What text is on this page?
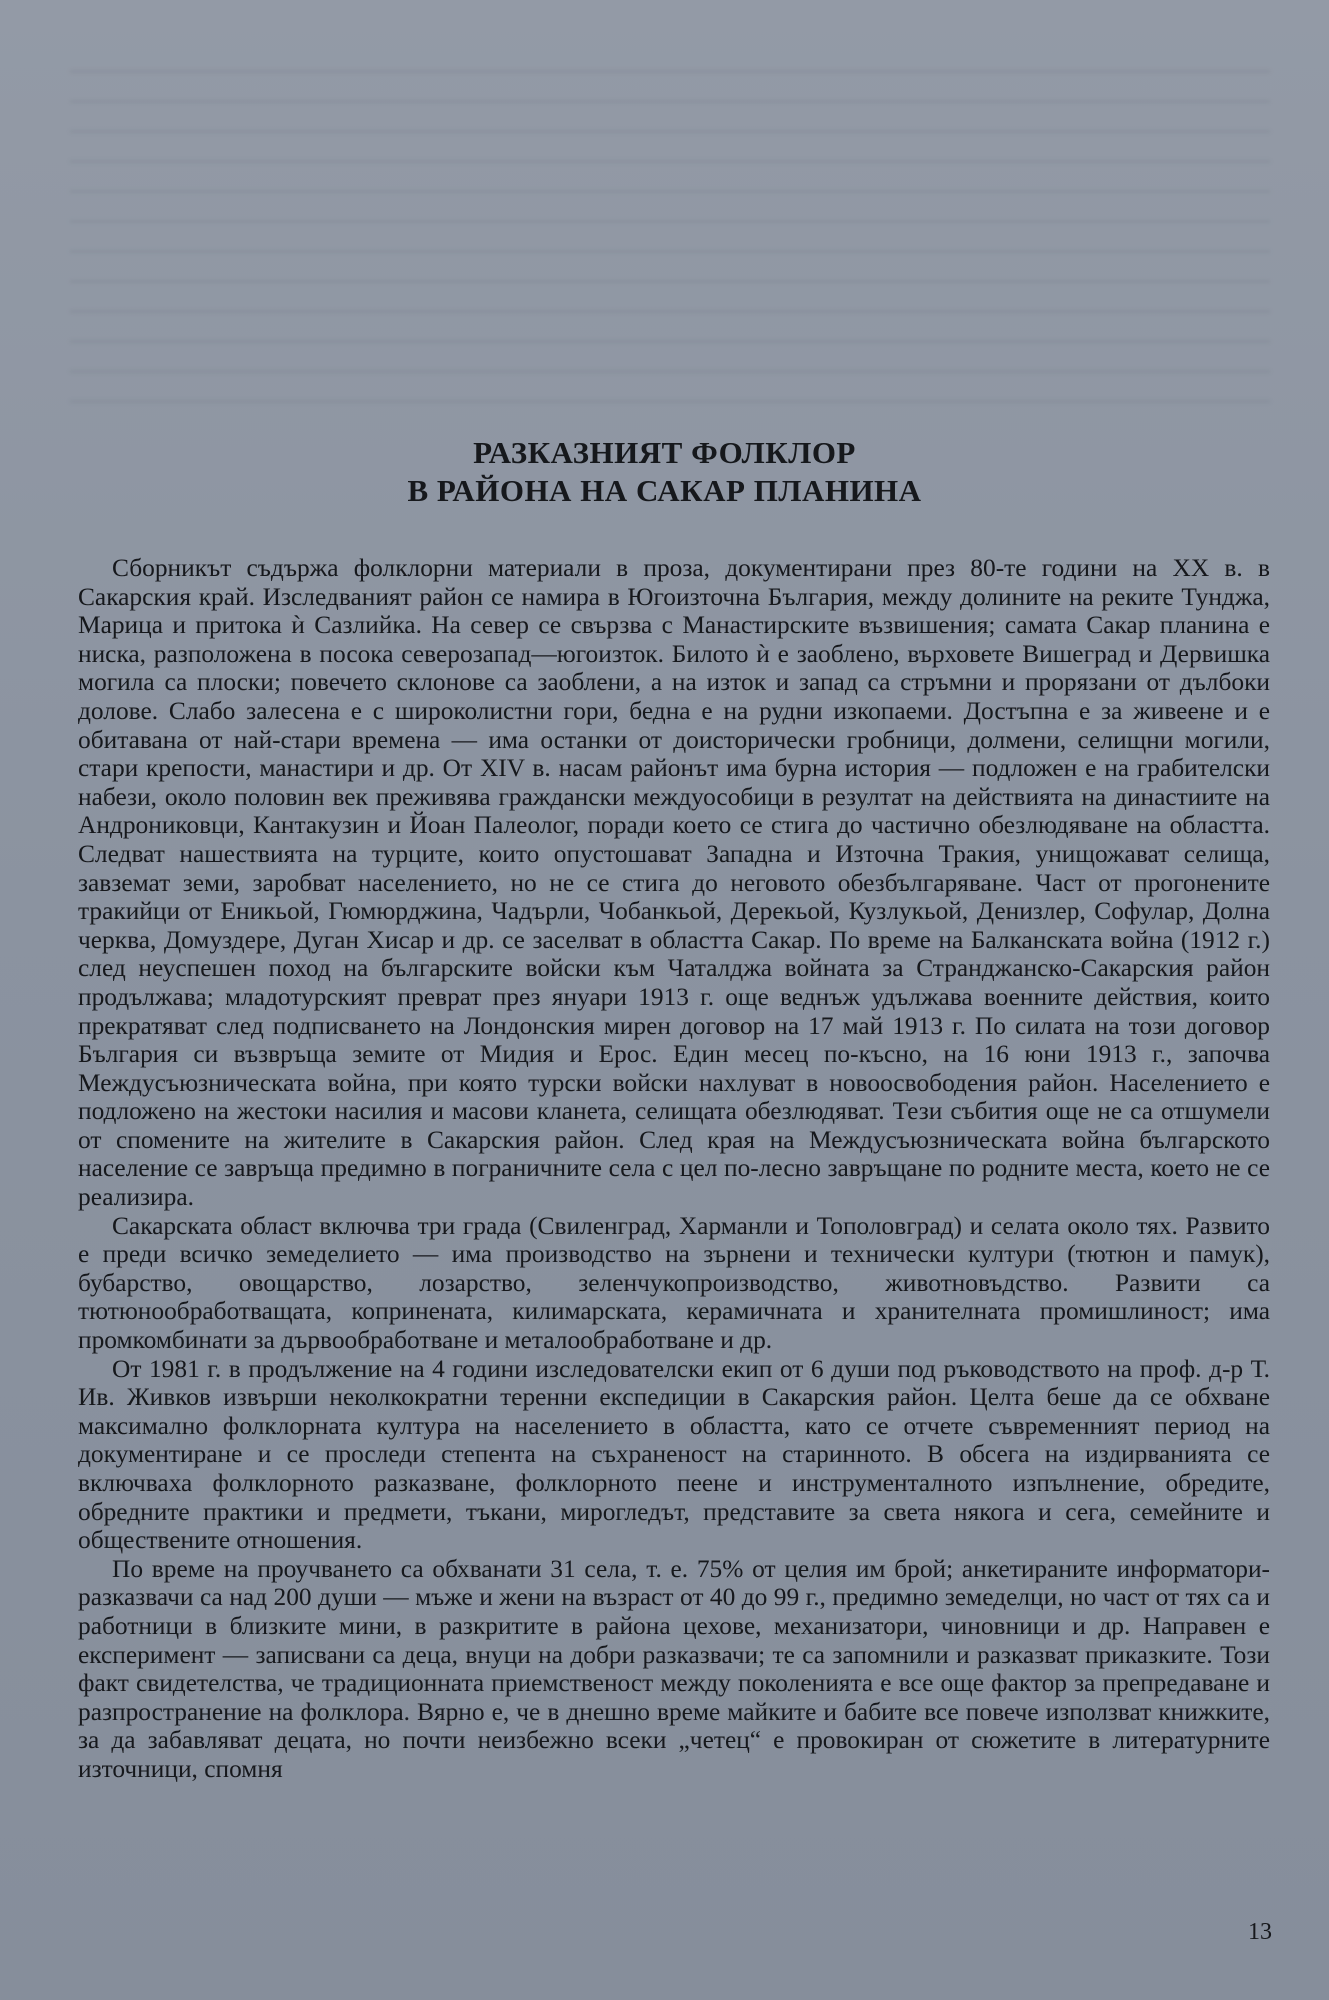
РАЗКАЗНИЯТ ФОЛКЛОР
В РАЙОНА НА САКАР ПЛАНИНА

Сборникът съдържа фолклорни материали в проза, документирани през 80-те години на XX в. в Сакарския край. Изследваният район се намира в Югоизточна България, между долините на реките Тунджа, Марица и притока ѝ Сазлийка. На север се свързва с Манастирските възвишения; самата Сакар планина е ниска, разположена в посока северозапад—югоизток. Билото ѝ е заоблено, върховете Вишеград и Дервишка могила са плоски; повечето склонове са заоблени, а на изток и запад са стръмни и прорязани от дълбоки долове. Слабо залесена е с широколистни гори, бедна е на рудни изкопаеми. Достъпна е за живеене и е обитавана от най-стари времена — има останки от доисторически гробници, долмени, селищни могили, стари крепости, манастири и др. От XIV в. насам районът има бурна история — подложен е на грабителски набези, около половин век преживява граждански междуособици в резултат на действията на династиите на Андрониковци, Кантакузин и Йоан Палеолог, поради което се стига до частично обезлюдяване на областта. Следват нашествията на турците, които опустошават Западна и Източна Тракия, унищожават селища, завземат земи, заробват населението, но не се стига до неговото обезбългаряване. Част от прогонените тракийци от Еникьой, Гюмюрджина, Чадърли, Чобанкьой, Дерекьой, Кузлукьой, Денизлер, Софулар, Долна черква, Домуздере, Дуган Хисар и др. се заселват в областта Сакар. По време на Балканската война (1912 г.) след неуспешен поход на българските войски към Чаталджа войната за Странджанско-Сакарския район продължава; младотурският преврат през януари 1913 г. още веднъж удължава военните действия, които прекратяват след подписването на Лондонския мирен договор на 17 май 1913 г. По силата на този договор България си възвръща земите от Мидия и Ерос. Един месец по-късно, на 16 юни 1913 г., започва Междусъюзническата война, при която турски войски нахлуват в новоосвободения район. Населението е подложено на жестоки насилия и масови кланета, селищата обезлюдяват. Тези събития още не са отшумели от спомените на жителите в Сакарския район. След края на Междусъюзническата война българското население се завръща предимно в пограничните села с цел по-лесно завръщане по родните места, което не се реализира.

Сакарската област включва три града (Свиленград, Харманли и Тополовград) и селата около тях. Развито е преди всичко земеделието — има производство на зърнени и технически култури (тютюн и памук), бубарство, овощарство, лозарство, зеленчукопроизводство, животновъдство. Развити са тютюнообработващата, копринената, килимарската, керамичната и хранителната промишлиност; има промкомбинати за дървообработване и металообработване и др.

От 1981 г. в продължение на 4 години изследователски екип от 6 души под ръководството на проф. д-р Т. Ив. Живков извърши неколкократни теренни експедиции в Сакарския район. Целта беше да се обхване максимално фолклорната култура на населението в областта, като се отчете съвременният период на документиране и се проследи степента на съхраненост на старинното. В обсега на издирванията се включваха фолклорното разказване, фолклорното пеене и инструменталното изпълнение, обредите, обредните практики и предмети, тъкани, мирогледът, представите за света някога и сега, семейните и обществените отношения.

По време на проучването са обхванати 31 села, т. е. 75% от целия им брой; анкетираните информатори-разказвачи са над 200 души — мъже и жени на възраст от 40 до 99 г., предимно земеделци, но част от тях са и работници в близките мини, в разкритите в района цехове, механизатори, чиновници и др. Направен е експеримент — записвани са деца, внуци на добри разказвачи; те са запомнили и разказват приказките. Този факт свидетелства, че традиционната приемственост между поколенията е все още фактор за препредаване и разпространение на фолклора. Вярно е, че в днешно време майките и бабите все повече използват книжките, за да забавляват децата, но почти неизбежно всеки „четец“ е провокиран от сюжетите в литературните източници, спомня

13
